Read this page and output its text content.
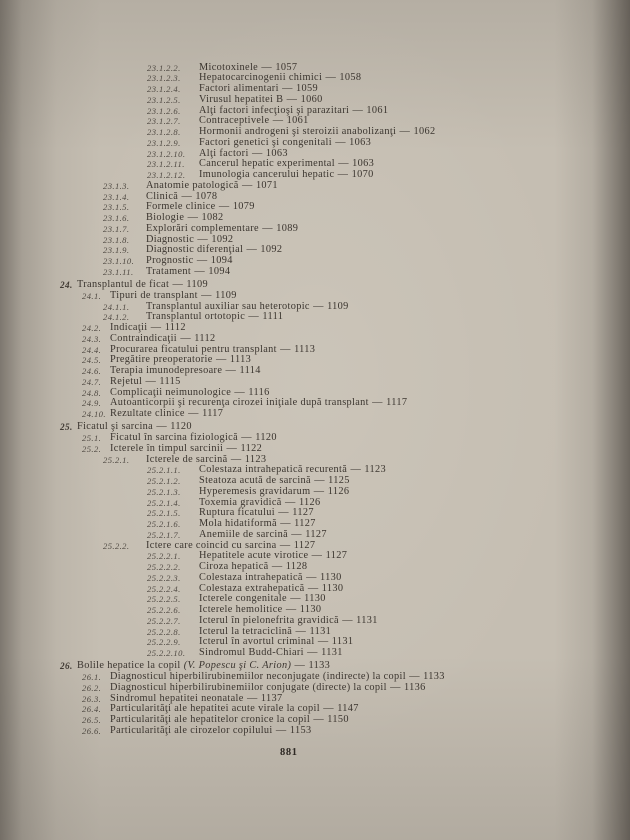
23.1.2.2. Micotoxinele — 1057
23.1.2.3. Hepatocarcinogenii chimici — 1058
23.1.2.4. Factori alimentari — 1059
23.1.2.5. Virusul hepatitei B — 1060
23.1.2.6. Alţi factori infecţioşi şi parazitari — 1061
23.1.2.7. Contraceptivele — 1061
23.1.2.8. Hormonii androgeni şi steroizii anabolizanţi — 1062
23.1.2.9. Factori genetici şi congenitali — 1063
23.1.2.10. Alţi factori — 1063
23.1.2.11. Cancerul hepatic experimental — 1063
23.1.2.12. Imunologia cancerului hepatic — 1070
23.1.3. Anatomie patologică — 1071
23.1.4. Clinică — 1078
23.1.5. Formele clinice — 1079
23.1.6. Biologie — 1082
23.1.7. Explorări complementare — 1089
23.1.8. Diagnostic — 1092
23.1.9. Diagnostic diferenţial — 1092
23.1.10. Prognostic — 1094
23.1.11. Tratament — 1094
24. Transplantul de ficat — 1109
24.1. Tipuri de transplant — 1109
24.1.1. Transplantul auxiliar sau heterotopic — 1109
24.1.2. Transplantul ortotopic — 1111
24.2. Indicaţii — 1112
24.3. Contraindicaţii — 1112
24.4. Procurarea ficatului pentru transplant — 1113
24.5. Pregătire preoperatorie — 1113
24.6. Terapia imunodepresoare — 1114
24.7. Rejetul — 1115
24.8. Complicaţii neimunologice — 1116
24.9. Autoanticorpii şi recurenţa cirozei iniţiale după transplant — 1117
24.10. Rezultate clinice — 1117
25. Ficatul şi sarcina — 1120
25.1. Ficatul în sarcina fiziologică — 1120
25.2. Icterele în timpul sarcinii — 1122
25.2.1. Icterele de sarcină — 1123
25.2.1.1. Colestaza intrahepatică recurentă — 1123
25.2.1.2. Steatoza acută de sarcină — 1125
25.2.1.3. Hyperemesis gravidarum — 1126
25.2.1.4. Toxemia gravidică — 1126
25.2.1.5. Ruptura ficatului — 1127
25.2.1.6. Mola hidatiformă — 1127
25.2.1.7. Anemiile de sarcină — 1127
25.2.2. Ictere care coincid cu sarcina — 1127
25.2.2.1. Hepatitele acute virotice — 1127
25.2.2.2. Ciroza hepatică — 1128
25.2.2.3. Colestaza intrahepatică — 1130
25.2.2.4. Colestaza extrahepatică — 1130
25.2.2.5. Icterele congenitale — 1130
25.2.2.6. Icterele hemolitice — 1130
25.2.2.7. Icterul în pielonefrita gravidică — 1131
25.2.2.8. Icterul la tetraciclină — 1131
25.2.2.9. Icterul în avortul criminal — 1131
25.2.2.10. Sindromul Budd-Chiari — 1131
26. Bolile hepatice la copil (V. Popescu şi C. Arion) — 1133
26.1. Diagnosticul hiperbilirubinemiilor neconjugate (indirecte) la copil — 1133
26.2. Diagnosticul hiperbilirubinemiilor conjugate (directe) la copil — 1136
26.3. Sindromul hepatitei neonatale — 1137
26.4. Particularităţi ale hepatitei acute virale la copil — 1147
26.5. Particularităţi ale hepatitelor cronice la copil — 1150
26.6. Particularităţi ale cirozelor copilului — 1153
881
